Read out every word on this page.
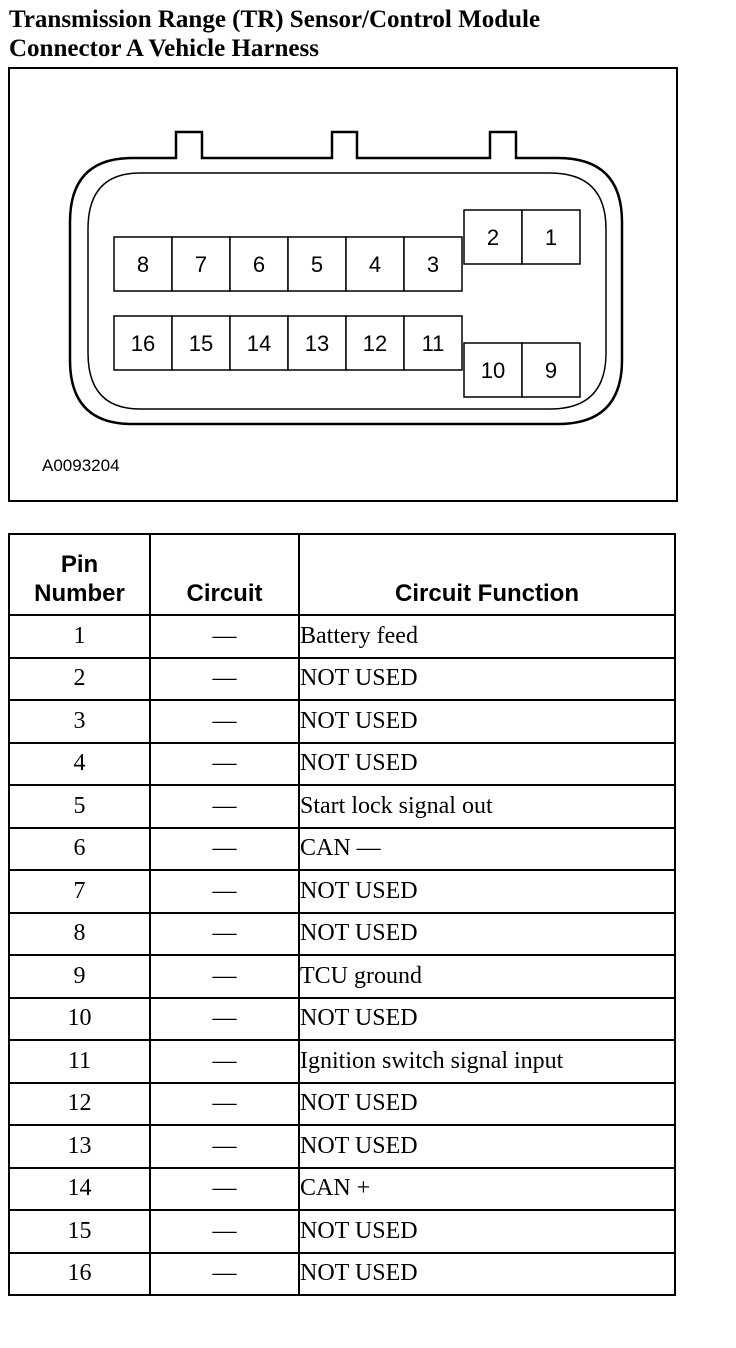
Transmission Range (TR) Sensor/Control Module
Connector A Vehicle Harness
8 7 6 5 4 3
2 1
16 15 14 13 12 11
10 9
A0093204
Pin
Number	Circuit	Circuit Function
1	—	Battery feed
2	—	NOT USED
3	—	NOT USED
4	—	NOT USED
5	—	Start lock signal out
6	—	CAN —
7	—	NOT USED
8	—	NOT USED
9	—	TCU ground
10	—	NOT USED
11	—	Ignition switch signal input
12	—	NOT USED
13	—	NOT USED
14	—	CAN +
15	—	NOT USED
16	—	NOT USED
